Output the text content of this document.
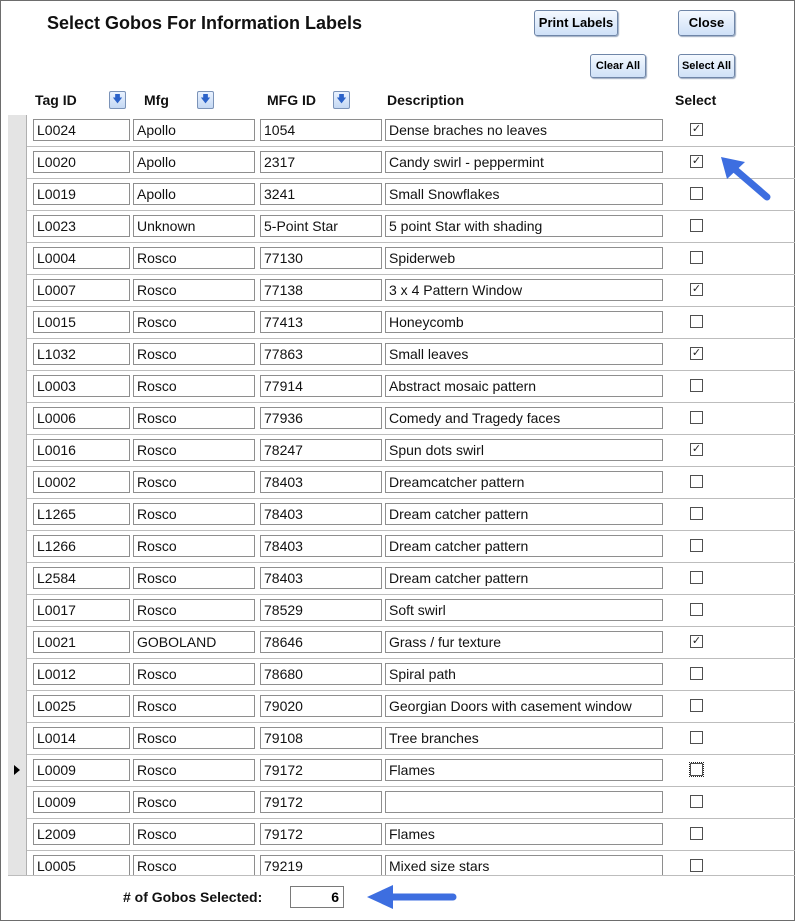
Select Gobos For Information Labels	Print Labels	Close
Clear All	Select All
Tag ID	🡇 Mfg	🡇	MFG ID 🡇	Description	Select
L0024	Apollo	1054	Dense braches no leaves	✓
L0020	Apollo	2317	Candy swirl - peppermint	✓
L0019	Apollo	3241	Small Snowflakes
L0023	Unknown	5-Point Star	5 point Star with shading
L0004	Rosco	77130	Spiderweb
L0007	Rosco	77138	3 x 4 Pattern Window	✓
L0015	Rosco	77413	Honeycomb
L1032	Rosco	77863	Small leaves	✓
L0003	Rosco	77914	Abstract mosaic pattern
L0006	Rosco	77936	Comedy and Tragedy faces
L0016	Rosco	78247	Spun dots swirl	✓
L0002	Rosco	78403	Dreamcatcher pattern
L1265	Rosco	78403	Dream catcher pattern
L1266	Rosco	78403	Dream catcher pattern
L2584	Rosco	78403	Dream catcher pattern
L0017	Rosco	78529	Soft swirl
L0021	GOBOLAND	78646	Grass / fur texture	✓
L0012	Rosco	78680	Spiral path
L0025	Rosco	79020	Georgian Doors with casement window
L0014	Rosco	79108	Tree branches
L0009	Rosco	79172	Flames
L0009	Rosco	79172
L2009	Rosco	79172	Flames
L0005	Rosco	79219	Mixed size stars
# of Gobos Selected:	6
